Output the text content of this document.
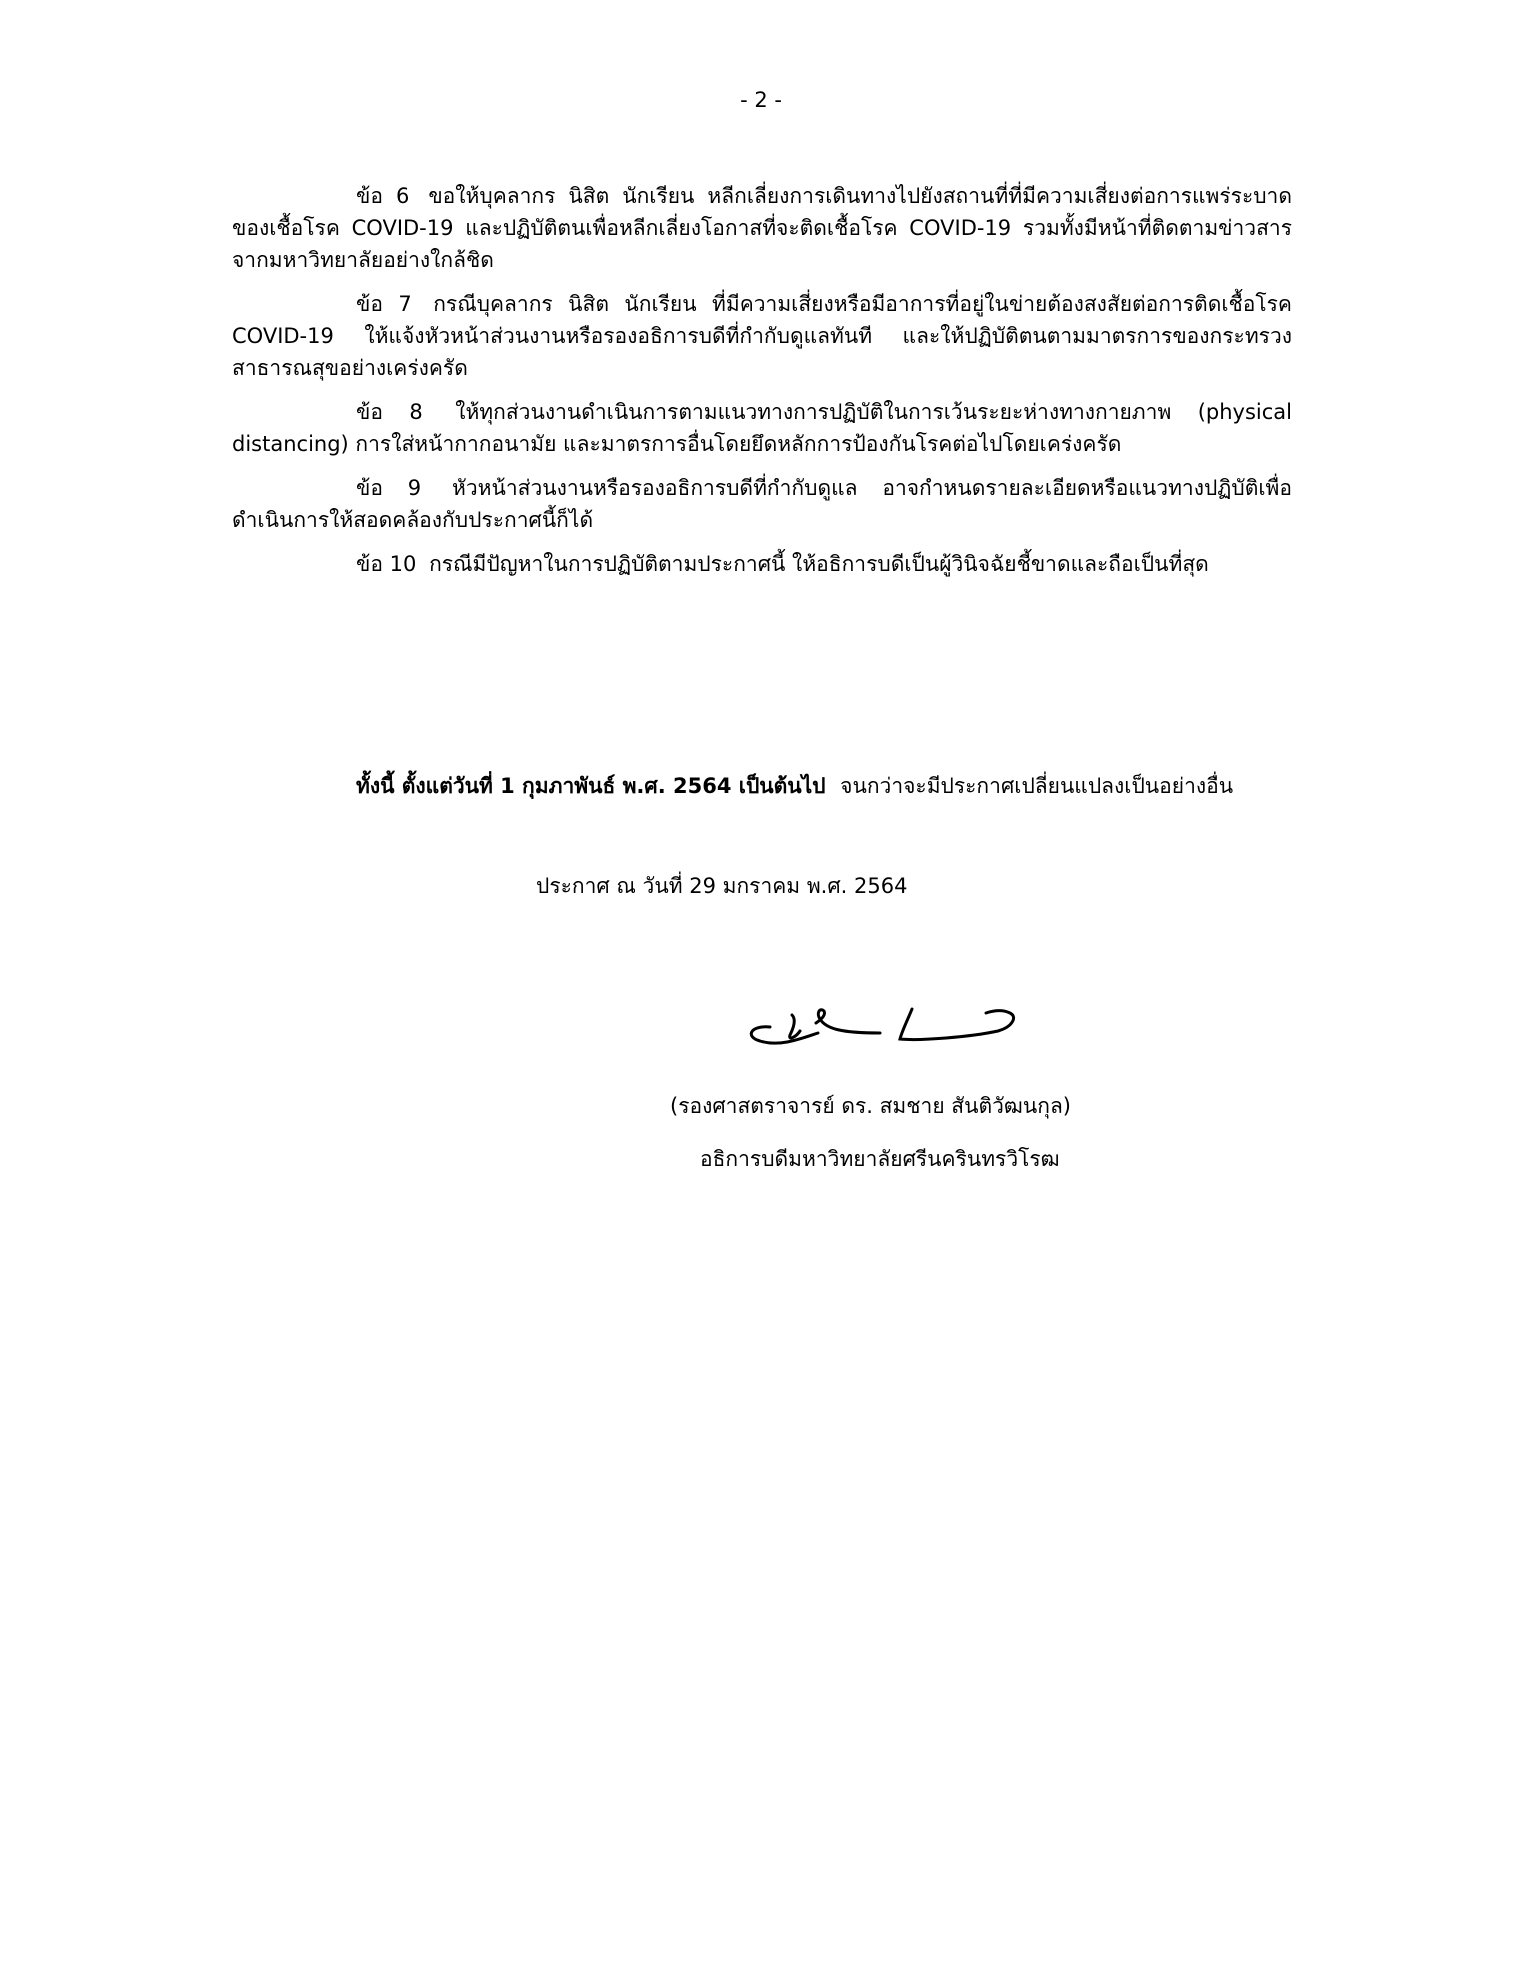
- 2 -

ข้อ 6 ขอให้บุคลากร นิสิต นักเรียน หลีกเลี่ยงการเดินทางไปยังสถานที่ที่มีความเสี่ยงต่อการแพร่ระบาดของเชื้อโรค COVID-19 และปฏิบัติตนเพื่อหลีกเลี่ยงโอกาสที่จะติดเชื้อโรค COVID-19 รวมทั้งมีหน้าที่ติดตามข่าวสารจากมหาวิทยาลัยอย่างใกล้ชิด

ข้อ 7 กรณีบุคลากร นิสิต นักเรียน ที่มีความเสี่ยงหรือมีอาการที่อยู่ในข่ายต้องสงสัยต่อการติดเชื้อโรค COVID-19 ให้แจ้งหัวหน้าส่วนงานหรือรองอธิการบดีที่กำกับดูแลทันที และให้ปฏิบัติตนตามมาตรการของกระทรวงสาธารณสุขอย่างเคร่งครัด

ข้อ 8 ให้ทุกส่วนงานดำเนินการตามแนวทางการปฏิบัติในการเว้นระยะห่างทางกายภาพ (physical distancing) การใส่หน้ากากอนามัย และมาตรการอื่นโดยยึดหลักการป้องกันโรคต่อไปโดยเคร่งครัด

ข้อ 9 หัวหน้าส่วนงานหรือรองอธิการบดีที่กำกับดูแล อาจกำหนดรายละเอียดหรือแนวทางปฏิบัติเพื่อดำเนินการให้สอดคล้องกับประกาศนี้ก็ได้

ข้อ 10 กรณีมีปัญหาในการปฏิบัติตามประกาศนี้ ให้อธิการบดีเป็นผู้วินิจฉัยชี้ขาดและถือเป็นที่สุด

ทั้งนี้ ตั้งแต่วันที่ 1 กุมภาพันธ์ พ.ศ. 2564 เป็นต้นไป จนกว่าจะมีประกาศเปลี่ยนแปลงเป็นอย่างอื่น
ประกาศ ณ วันที่ 29 มกราคม พ.ศ. 2564
(รองศาสตราจารย์ ดร. สมชาย สันติวัฒนกุล)
อธิการบดีมหาวิทยาลัยศรีนครินทรวิโรฒ
